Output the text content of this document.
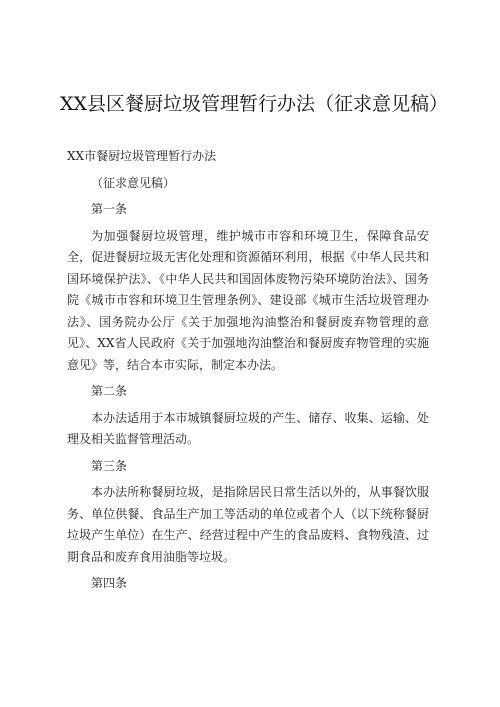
XX县区餐厨垃圾管理暂行办法（征求意见稿）

XX市餐厨垃圾管理暂行办法

（征求意见稿）

第一条

为加强餐厨垃圾管理，维护城市市容和环境卫生，保障食品安全，促进餐厨垃圾无害化处理和资源循环利用，根据《中华人民共和国环境保护法》、《中华人民共和国固体废物污染环境防治法》、国务院《城市市容和环境卫生管理条例》、建设部《城市生活垃圾管理办法》、国务院办公厅《关于加强地沟油整治和餐厨废弃物管理的意见》、XX省人民政府《关于加强地沟油整治和餐厨废弃物管理的实施意见》等，结合本市实际，制定本办法。

第二条

本办法适用于本市城镇餐厨垃圾的产生、储存、收集、运输、处理及相关监督管理活动。

第三条

本办法所称餐厨垃圾，是指除居民日常生活以外的，从事餐饮服务、单位供餐、食品生产加工等活动的单位或者个人（以下统称餐厨垃圾产生单位）在生产、经营过程中产生的食品废料、食物残渣、过期食品和废弃食用油脂等垃圾。

第四条
